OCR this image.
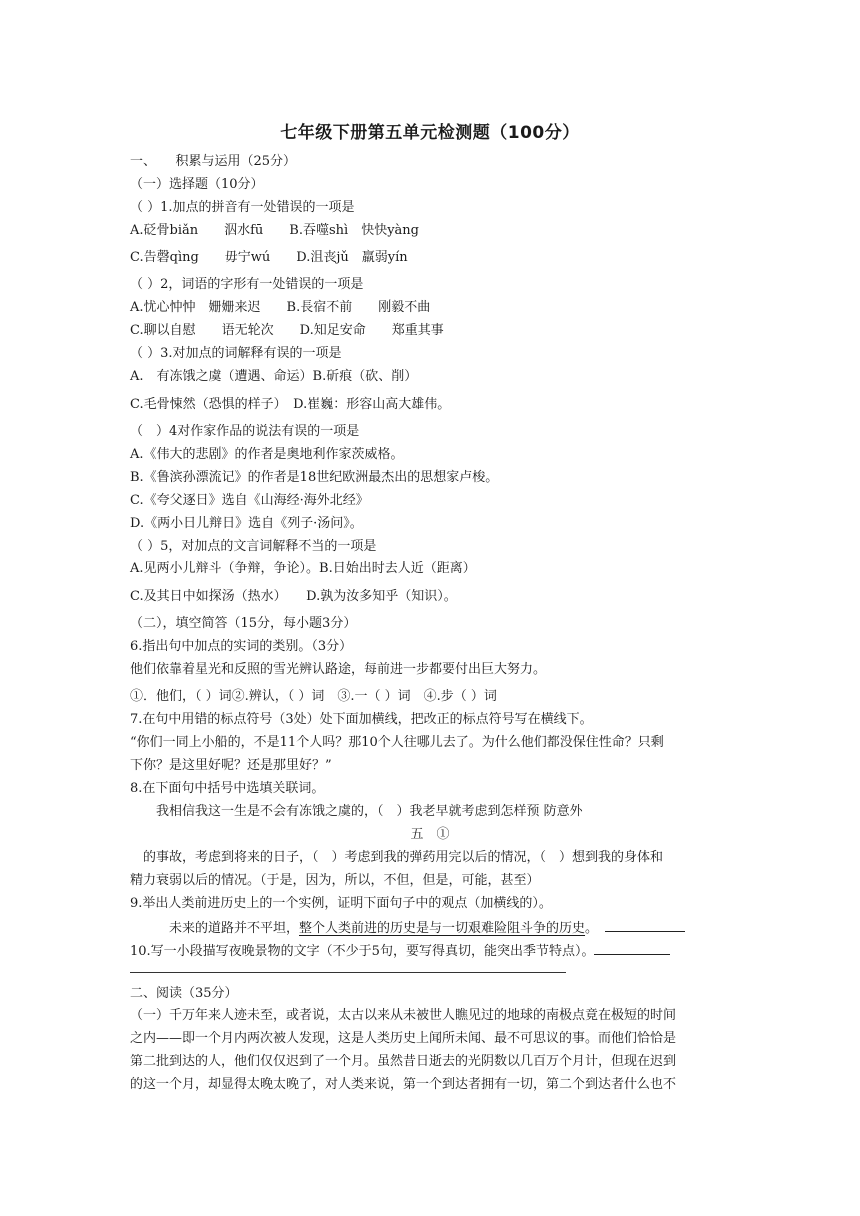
七年级下册第五单元检测题（100分）
一、　　积累与运用（25分）
（一）选择题（10分）
（ ）1.加点的拼音有一处错误的一项是
A.砭骨biǎn　　泅水fū　　B.吞噬shì　快快yàng
C.告磬qìng　　毋宁wú　　D.沮丧jǔ　羸弱yín
（ ）2，词语的字形有一处错误的一项是
A.忧心忡忡　姗姗来迟　　B.長宿不前　　刚毅不曲
C.聊以自慰　　语无轮次　　D.知足安命　　郑重其事
（ ）3.对加点的词解释有误的一项是
A.　有冻饿之虞（遭遇、命运）B.斫痕（砍、削）
C.毛骨悚然（恐惧的样子）　D.崔巍：形容山高大雄伟。
（　）4对作家作品的说法有误的一项是
A.《伟大的悲剧》的作者是奥地利作家茨威格。
B.《鲁滨孙漂流记》的作者是18世纪欧洲最杰出的思想家卢梭。
C.《夸父逐日》选自《山海经·海外北经》
D.《两小日儿辩日》选自《列子·汤问》。
（ ）5，对加点的文言词解释不当的一项是
A.见两小儿辩斗（争辩，争论）。B.日始出时去人近（距离）
C.及其日中如探汤（热水）　　D.孰为汝多知乎（知识）。
（二），填空简答（15分，每小题3分）
6.指出句中加点的实词的类别。（3分）
他们依靠着星光和反照的雪光辨认路途，每前进一步都要付出巨大努力。
①．他们，（ ）词②.辨认，（ ）词　③.一（ ）词　④.步（ ）词
7.在句中用错的标点符号（3处）处下面加横线，把改正的标点符号写在横线下。
“你们一同上小船的，不是11个人吗？那10个人往哪儿去了。为什么他们都没保住性命？只剩
下你？是这里好呢？还是那里好？”
8.在下面句中括号中选填关联词。
　　我相信我这一生是不会有冻饿之虞的，（　）我老早就考虑到怎样预 防意外
　的事故，考虑到将来的日子，（　）考虑到我的弹药用完以后的情况，（　）想到我的身体和
精力衰弱以后的情况。（于是，因为，所以，不但，但是，可能，甚至）
9.举出人类前进历史上的一个实例，证明下面句子中的观点（加横线的）。
二、阅读（35分）
（一）千万年来人迹未至，或者说，太古以来从未被世人瞧见过的地球的南极点竟在极短的时间
之内——即一个月内两次被人发现，这是人类历史上闻所未闻、最不可思议的事。而他们恰恰是
第二批到达的人，他们仅仅迟到了一个月。虽然昔日逝去的光阴数以几百万个月计，但现在迟到
的这一个月，却显得太晚太晚了，对人类来说，第一个到达者拥有一切，第二个到达者什么也不
五　①
　　　未来的道路并不平坦，整个人类前进的历史是与一切艰难险阻斗争的历史。　
10.写一小段描写夜晚景物的文字（不少于5句，要写得真切，能突出季节特点）。
